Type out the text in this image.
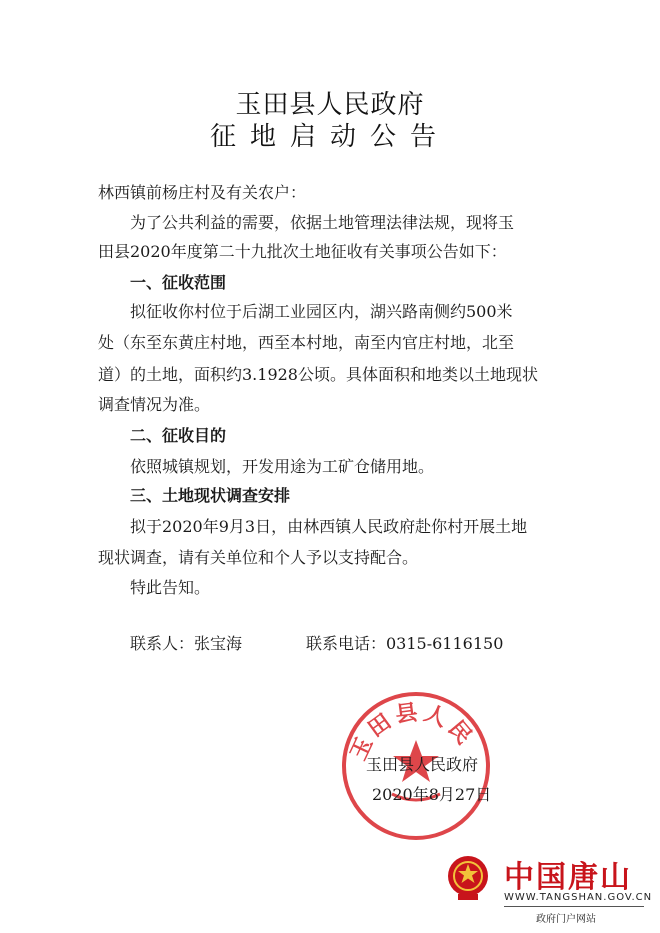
玉田县人民政府
征地启动公告
林西镇前杨庄村及有关农户：
为了公共利益的需要，依据土地管理法律法规，现将玉
田县2020年度第二十九批次土地征收有关事项公告如下：
一、征收范围
拟征收你村位于后湖工业园区内，湖兴路南侧约500米
处（东至东黄庄村地，西至本村地，南至内官庄村地，北至
道）的土地，面积约3.1928公顷。具体面积和地类以土地现状
调查情况为准。
二、征收目的
依照城镇规划，开发用途为工矿仓储用地。
三、土地现状调查安排
拟于2020年9月3日，由林西镇人民政府赴你村开展土地
现状调查，请有关单位和个人予以支持配合。
特此告知。
联系人：张宝海	联系电话：0315-6116150
玉田县人民
玉田县人民政府
2020年8月27日
中国唐山
WWW.TANGSHAN.GOV.CN
政府门户网站
